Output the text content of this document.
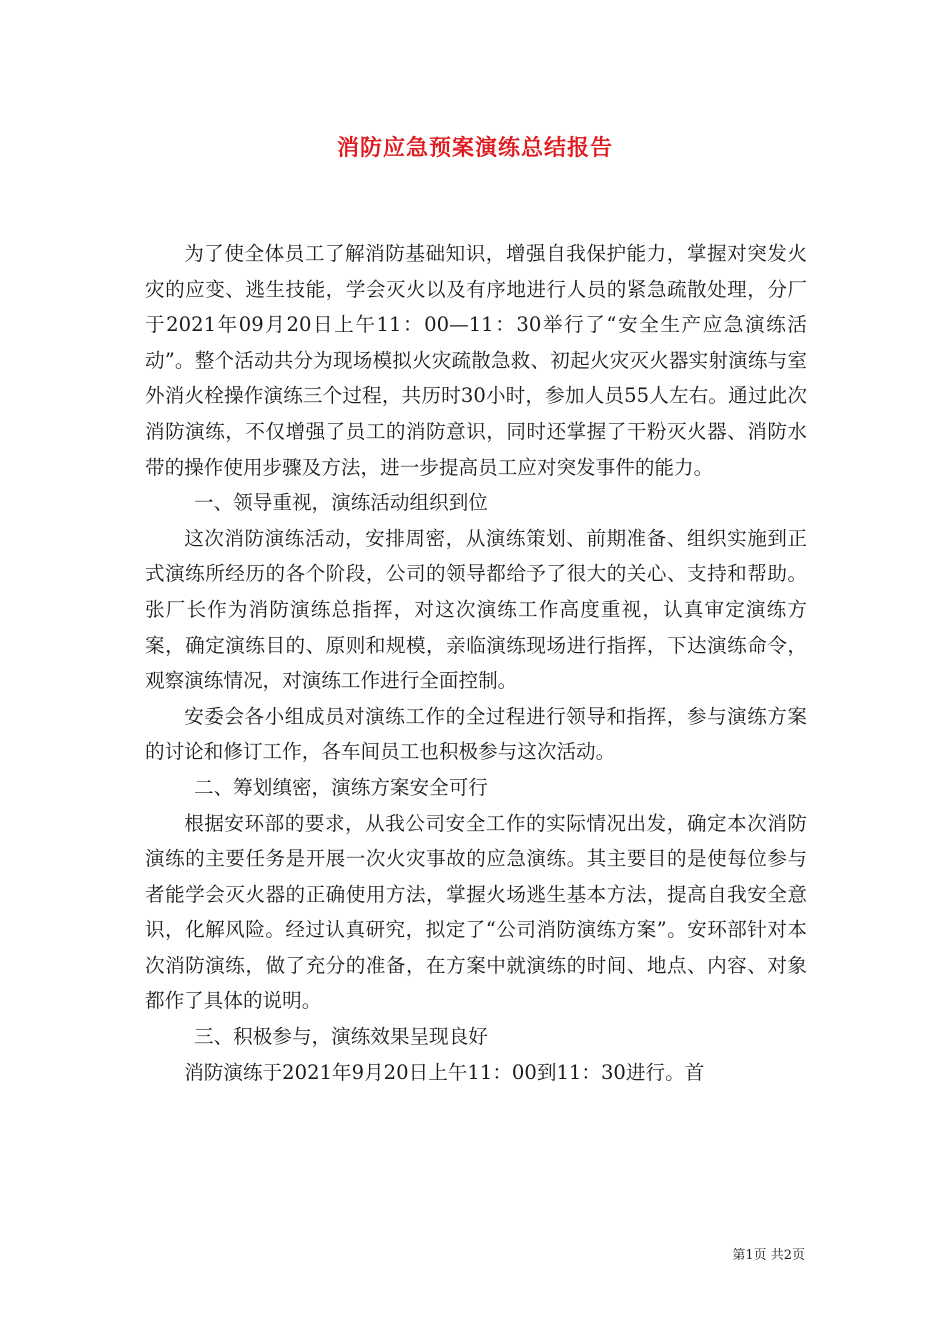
消防应急预案演练总结报告

为了使全体员工了解消防基础知识，增强自我保护能力，掌握对突发火灾的应变、逃生技能，学会灭火以及有序地进行人员的紧急疏散处理，分厂于2021年09月20日上午11：00—11：30举行了“安全生产应急演练活动”。整个活动共分为现场模拟火灾疏散急救、初起火灾灭火器实射演练与室外消火栓操作演练三个过程，共历时30小时，参加人员55人左右。通过此次消防演练，不仅增强了员工的消防意识，同时还掌握了干粉灭火器、消防水带的操作使用步骤及方法，进一步提高员工应对突发事件的能力。

一、领导重视，演练活动组织到位

这次消防演练活动，安排周密，从演练策划、前期准备、组织实施到正式演练所经历的各个阶段，公司的领导都给予了很大的关心、支持和帮助。张厂长作为消防演练总指挥，对这次演练工作高度重视，认真审定演练方案，确定演练目的、原则和规模，亲临演练现场进行指挥，下达演练命令，观察演练情况，对演练工作进行全面控制。

安委会各小组成员对演练工作的全过程进行领导和指挥，参与演练方案的讨论和修订工作，各车间员工也积极参与这次活动。

二、筹划缜密，演练方案安全可行

根据安环部的要求，从我公司安全工作的实际情况出发，确定本次消防演练的主要任务是开展一次火灾事故的应急演练。其主要目的是使每位参与者能学会灭火器的正确使用方法，掌握火场逃生基本方法，提高自我安全意识，化解风险。经过认真研究，拟定了“公司消防演练方案”。安环部针对本次消防演练，做了充分的准备，在方案中就演练的时间、地点、内容、对象都作了具体的说明。

三、积极参与，演练效果呈现良好

消防演练于2021年9月20日上午11：00到11：30进行。首

第1页 共2页
